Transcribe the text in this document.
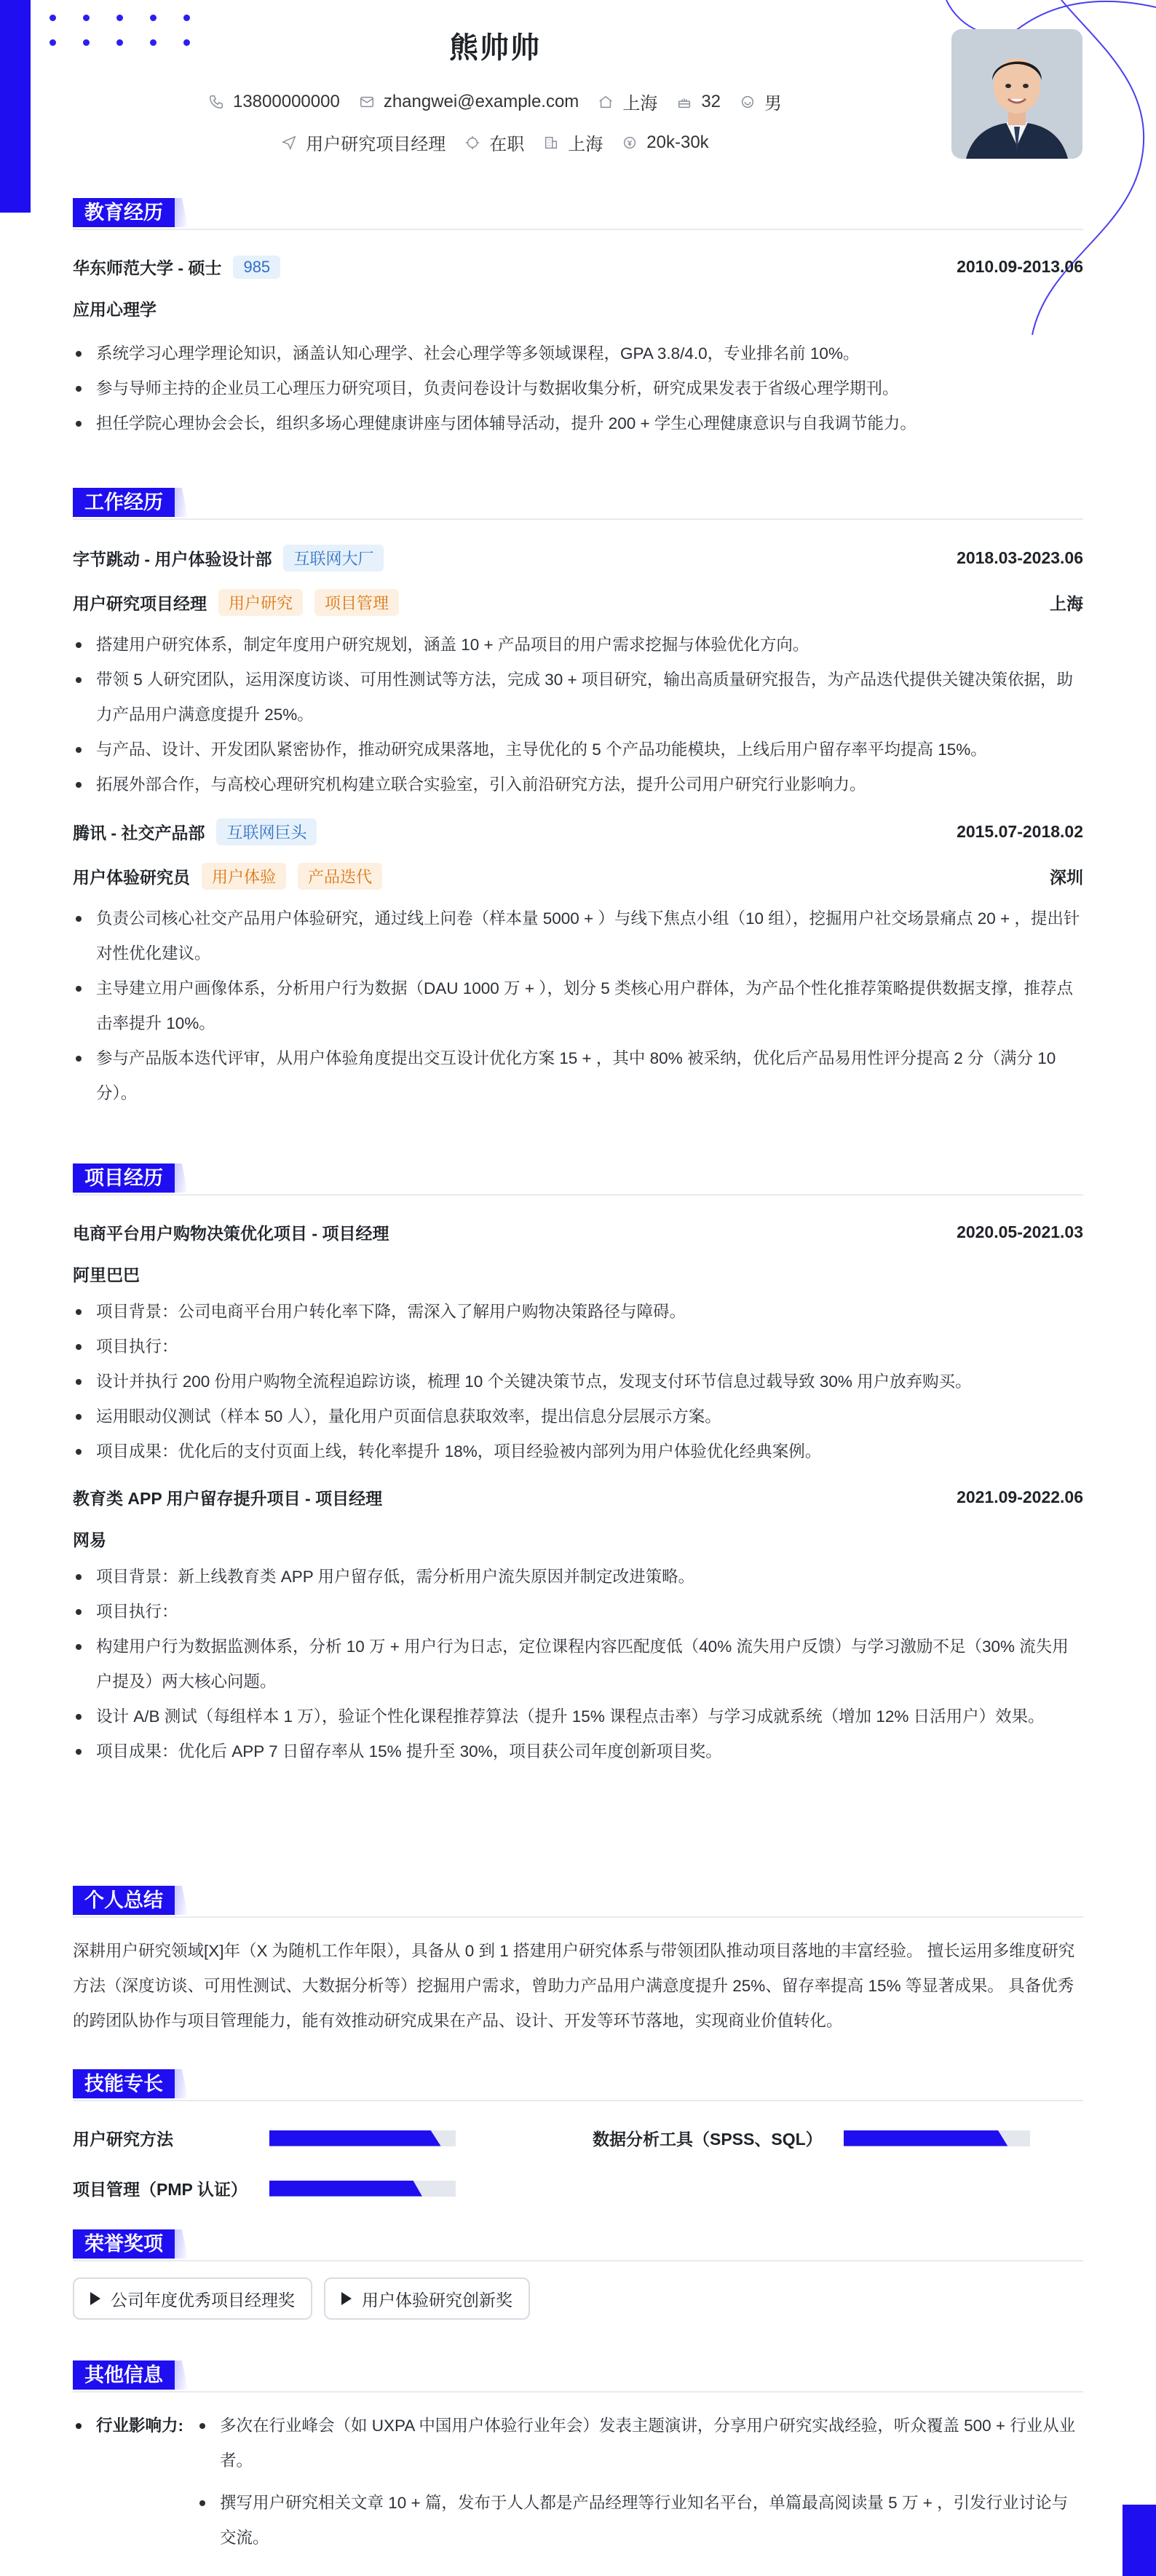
熊帅帅
13800000000	zhangwei@example.com	上海	32	男
用户研究项目经理	在职	上海	20k-30k
教育经历
华东师范大学 - 硕士	985	2010.09-2013.06
应用心理学
系统学习心理学理论知识，涵盖认知心理学、社会心理学等多领域课程，GPA 3.8/4.0，专业排名前 10%。
参与导师主持的企业员工心理压力研究项目，负责问卷设计与数据收集分析，研究成果发表于省级心理学期刊。
担任学院心理协会会长，组织多场心理健康讲座与团体辅导活动，提升 200 + 学生心理健康意识与自我调节能力。
工作经历
字节跳动 - 用户体验设计部	互联网大厂	2018.03-2023.06
用户研究项目经理	用户研究	项目管理	上海
搭建用户研究体系，制定年度用户研究规划，涵盖 10 + 产品项目的用户需求挖掘与体验优化方向。
带领 5 人研究团队，运用深度访谈、可用性测试等方法，完成 30 + 项目研究，输出高质量研究报告，为产品迭代提供关键决策依据，助力产品用户满意度提升 25%。
与产品、设计、开发团队紧密协作，推动研究成果落地，主导优化的 5 个产品功能模块，上线后用户留存率平均提高 15%。
拓展外部合作，与高校心理研究机构建立联合实验室，引入前沿研究方法，提升公司用户研究行业影响力。
腾讯 - 社交产品部	互联网巨头	2015.07-2018.02
用户体验研究员	用户体验	产品迭代	深圳
负责公司核心社交产品用户体验研究，通过线上问卷（样本量 5000 + ）与线下焦点小组（10 组），挖掘用户社交场景痛点 20 + ，提出针对性优化建议。
主导建立用户画像体系，分析用户行为数据（DAU 1000 万 + ），划分 5 类核心用户群体，为产品个性化推荐策略提供数据支撑，推荐点击率提升 10%。
参与产品版本迭代评审，从用户体验角度提出交互设计优化方案 15 + ，其中 80% 被采纳，优化后产品易用性评分提高 2 分（满分 10 分）。
项目经历
电商平台用户购物决策优化项目 - 项目经理	2020.05-2021.03
阿里巴巴
项目背景：公司电商平台用户转化率下降，需深入了解用户购物决策路径与障碍。
项目执行：
设计并执行 200 份用户购物全流程追踪访谈，梳理 10 个关键决策节点，发现支付环节信息过载导致 30% 用户放弃购买。
运用眼动仪测试（样本 50 人），量化用户页面信息获取效率，提出信息分层展示方案。
项目成果：优化后的支付页面上线，转化率提升 18%，项目经验被内部列为用户体验优化经典案例。
教育类 APP 用户留存提升项目 - 项目经理	2021.09-2022.06
网易
项目背景：新上线教育类 APP 用户留存低，需分析用户流失原因并制定改进策略。
项目执行：
构建用户行为数据监测体系，分析 10 万 + 用户行为日志，定位课程内容匹配度低（40% 流失用户反馈）与学习激励不足（30% 流失用户提及）两大核心问题。
设计 A/B 测试（每组样本 1 万），验证个性化课程推荐算法（提升 15% 课程点击率）与学习成就系统（增加 12% 日活用户）效果。
项目成果：优化后 APP 7 日留存率从 15% 提升至 30%，项目获公司年度创新项目奖。
个人总结
深耕用户研究领域[X]年（X 为随机工作年限），具备从 0 到 1 搭建用户研究体系与带领团队推动项目落地的丰富经验。 擅长运用多维度研究方法（深度访谈、可用性测试、大数据分析等）挖掘用户需求，曾助力产品用户满意度提升 25%、留存率提高 15% 等显著成果。 具备优秀的跨团队协作与项目管理能力，能有效推动研究成果在产品、设计、开发等环节落地，实现商业价值转化。
技能专长
用户研究方法	数据分析工具（SPSS、SQL）
项目管理（PMP 认证）
荣誉奖项
公司年度优秀项目经理奖	用户体验研究创新奖
其他信息
行业影响力:	多次在行业峰会（如 UXPA 中国用户体验行业年会）发表主题演讲，分享用户研究实战经验，听众覆盖 500 + 行业从业者。
撰写用户研究相关文章 10 + 篇，发布于人人都是产品经理等行业知名平台，单篇最高阅读量 5 万 + ，引发行业讨论与交流。
